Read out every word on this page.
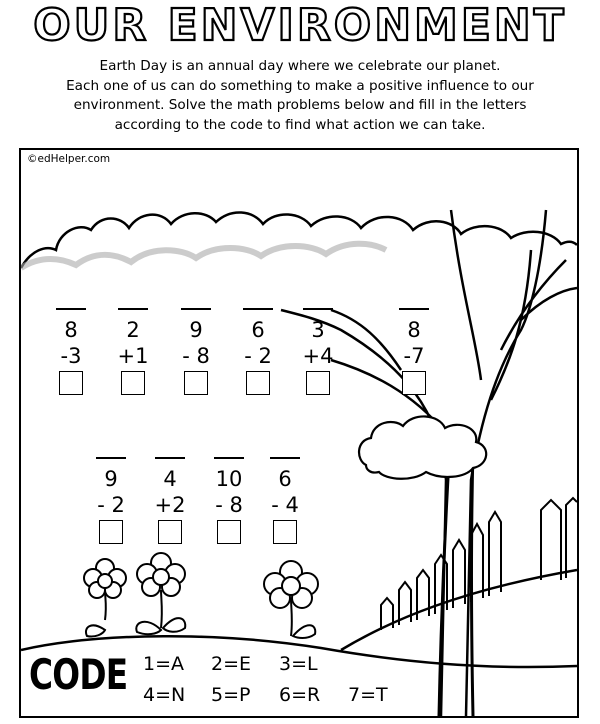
OUR ENVIRONMENT
Earth Day is an annual day where we celebrate our planet.
Each one of us can do something to make a positive influence to our
environment. Solve the math problems below and fill in the letters
according to the code to find what action we can take.
©edHelper.com
8
-3
2
+1
9
- 8
6
- 2
3
+4
8
-7
9
- 2
4
+2
10
- 8
6
- 4
CODE 1=A 2=E 3=L
4=N 5=P 6=R 7=T
